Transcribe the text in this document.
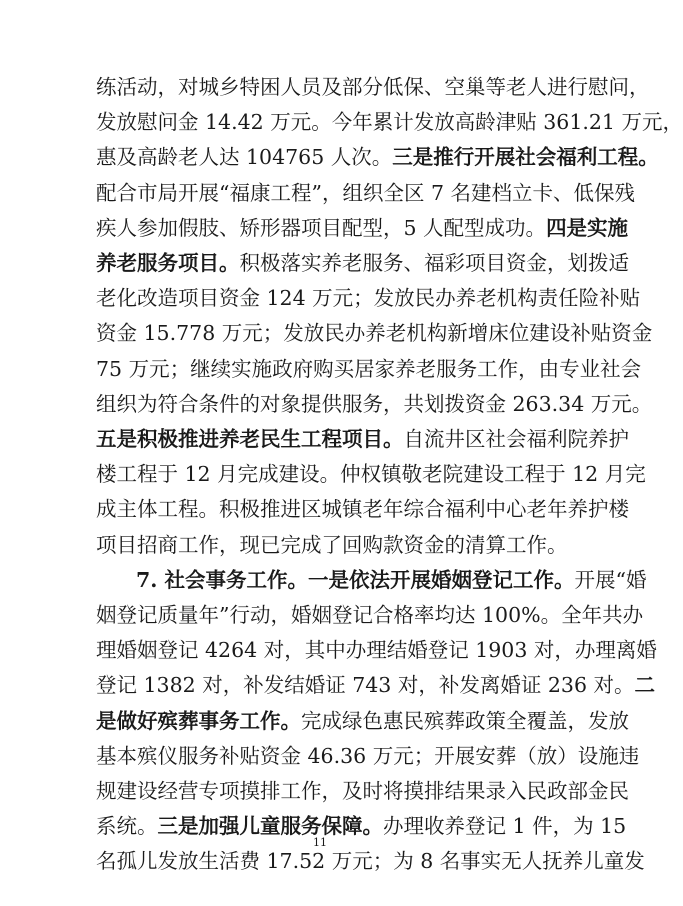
练活动，对城乡特困人员及部分低保、空巢等老人进行慰问，
发放慰问金 14.42 万元。今年累计发放高龄津贴 361.21 万元，
惠及高龄老人达 104765 人次。三是推行开展社会福利工程。
配合市局开展“福康工程”，组织全区 7 名建档立卡、低保残
疾人参加假肢、矫形器项目配型，5 人配型成功。四是实施
养老服务项目。积极落实养老服务、福彩项目资金，划拨适
老化改造项目资金 124 万元；发放民办养老机构责任险补贴
资金 15.778 万元；发放民办养老机构新增床位建设补贴资金
75 万元；继续实施政府购买居家养老服务工作，由专业社会
组织为符合条件的对象提供服务，共划拨资金 263.34 万元。
五是积极推进养老民生工程项目。自流井区社会福利院养护
楼工程于 12 月完成建设。仲权镇敬老院建设工程于 12 月完
成主体工程。积极推进区城镇老年综合福利中心老年养护楼
项目招商工作，现已完成了回购款资金的清算工作。
7. 社会事务工作。一是依法开展婚姻登记工作。开展“婚
姻登记质量年”行动，婚姻登记合格率均达 100%。全年共办
理婚姻登记 4264 对，其中办理结婚登记 1903 对，办理离婚
登记 1382 对，补发结婚证 743 对，补发离婚证 236 对。二
是做好殡葬事务工作。完成绿色惠民殡葬政策全覆盖，发放
基本殡仪服务补贴资金 46.36 万元；开展安葬（放）设施违
规建设经营专项摸排工作，及时将摸排结果录入民政部金民
系统。三是加强儿童服务保障。办理收养登记 1 件，为 15
名孤儿发放生活费 17.52 万元；为 8 名事实无人抚养儿童发
11
